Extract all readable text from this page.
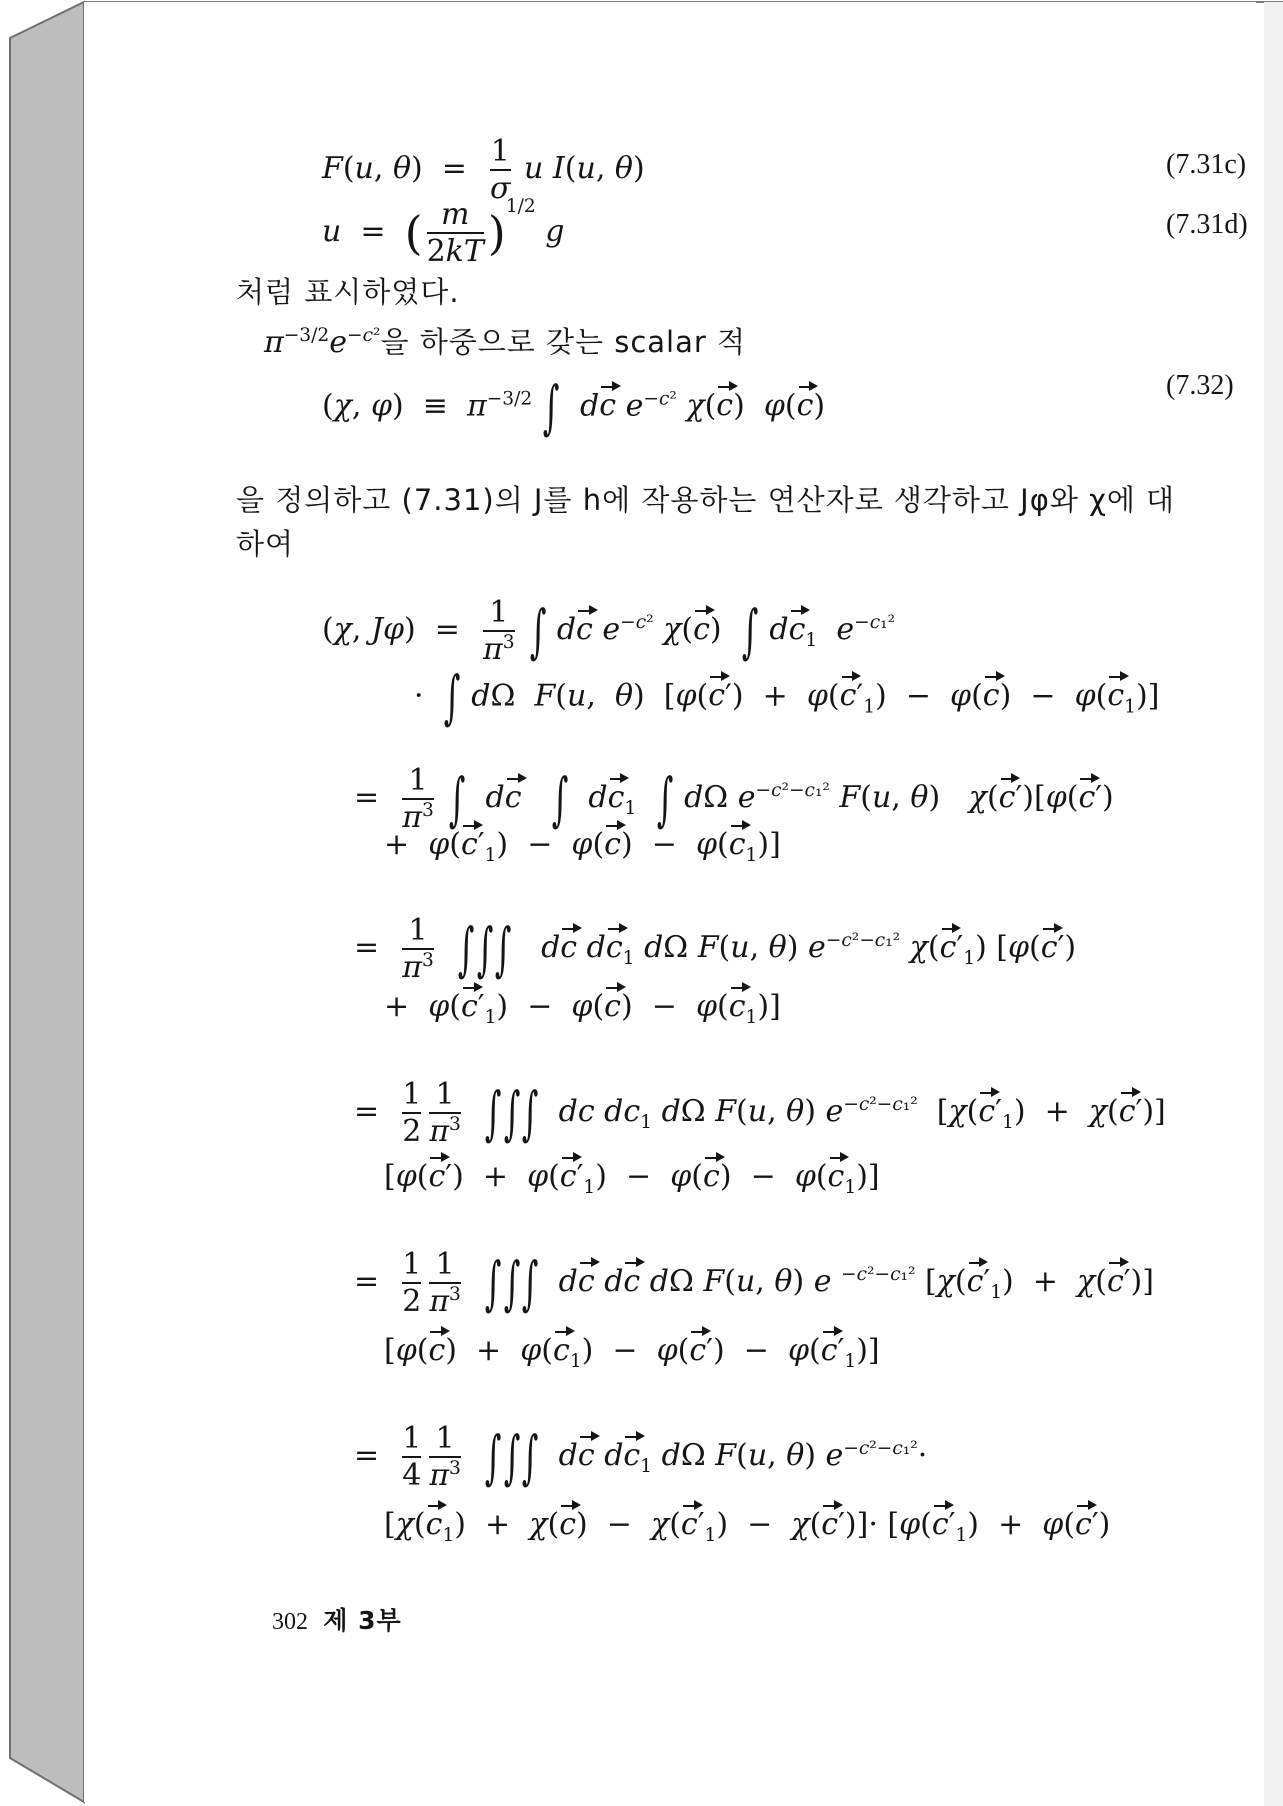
F(u, $\theta) = \frac{1}{\sigma}$ u I(u, θ)	(7.31c)
u  =  ( $\frac{m}{2kT} )^{1/2}$ g	(7.31d)
처럼 표시하였다.
$\pi^{-3/2}e^{-c^2}$을 하중으로 갖는 scalar 적
(χ, $\varphi) \equiv \pi^{-3/2}$ ∫ dc $e^{-c^2}$ χ(c)  φ(c)
(7.32)
을 정의하고 (7.31)의 J를 h에 작용하는 연산자로 생각하고 Jφ와 χ에 대
하여
(χ, $J\varphi) = \frac{1}{\pi^3}$ ∫ dc $e^{-c^2}$ χ(c) ∫ $dc_1$ $e^{-c_1^2}$
· ∫ dΩ  F(u,  θ)  $[\varphi(c') + \varphi(c'_1) - \varphi(c) - \varphi(c_1)]$
= $\frac{1}{\pi^3}$ ∫ dc ∫ $dc_1$ ∫ dΩ $e^{-c^2-c_1^2}$ F(u, θ)   χ(c′)[φ(c′)
+  $\varphi(c'_1) - \varphi(c) - \varphi(c_1)$]
= $\frac{1}{\pi^3}$ ∫∫∫ dc $dc_1$ dΩ F(u, θ) $e^{-c^2-c_1^2}$ $\chi(c'_1)$ [φ(c′)
+  $\varphi(c'_1) - \varphi(c) - \varphi(c_1)$]
= $\frac{1}{2} \frac{1}{\pi^3}$ ∫∫∫ dc $dc_1$ dΩ F(u, θ) $e^{-c^2-c_1^2}$  $[\chi(c'_1) + \chi(c')]$
$[\varphi(c') + \varphi(c'_1) - \varphi(c) - \varphi(c_1)]$
= $\frac{1}{2} \frac{1}{\pi^3}$ ∫∫∫ dc dc dΩ F(u, θ) e $^{-c^2-c_1^2}$ $[\chi(c'_1) + \chi(c')]$
$[\varphi(c) + \varphi(c_1) - \varphi(c') - \varphi(c'_1)]$
= $\frac{1}{4} \frac{1}{\pi^3}$ ∫∫∫ dc $dc_1$ dΩ F(u, θ) $e^{-c^2-c_1^2}\cdot$
$[\chi(c_1) + \chi(c) - \chi(c'_1) - \chi(c')]\cdot [\varphi(c'_1) + \varphi(c')$
302 제 3부
